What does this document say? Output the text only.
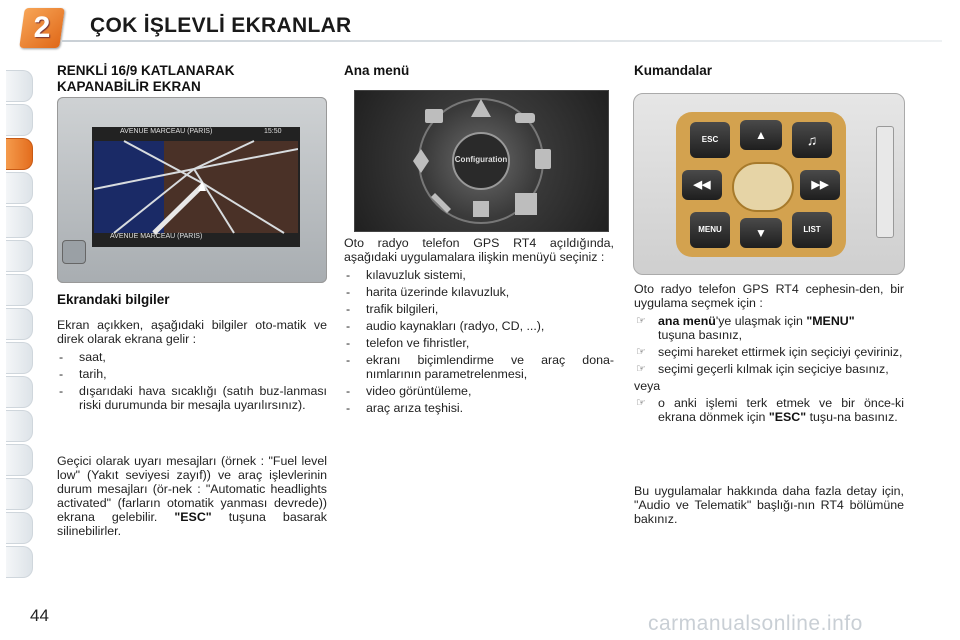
2	ÇOK İŞLEVLİ EKRANLAR
RENKLİ 16/9 KATLANARAK
KAPANABİLİR EKRAN
AVENUE MARCEAU (PARIS)	15:50
AVENUE MARCEAU (PARIS)
Ekrandaki bilgiler
Ekran açıkken, aşağıdaki bilgiler oto-matik ve direk olarak ekrana gelir :
- saat,
- tarih,
- dışarıdaki hava sıcaklığı (satıh buz-lanması riski durumunda bir mesajla uyarılırsınız).
Geçici olarak uyarı mesajları (örnek : "Fuel level low" (Yakıt seviyesi zayıf)) ve araç işlevlerinin durum mesajları (ör-nek : "Automatic headlights activated" (farların otomatik yanması devrede)) ekrana gelebilir. "ESC" tuşuna basarak silinebilirler.
Ana menü
Configuration
Oto radyo telefon GPS RT4 açıldığında, aşağıdaki uygulamalara ilişkin menüyü seçiniz :
- kılavuzluk sistemi,
- harita üzerinde kılavuzluk,
- trafik bilgileri,
- audio kaynakları (radyo, CD, ...),
- telefon ve fihristler,
- ekranı biçimlendirme ve araç dona-nımlarının parametrelenmesi,
- video görüntüleme,
- araç arıza teşhisi.
Kumandalar
ESC	▲	♫
◀◀	▶▶
MENU	▼	LIST
Oto radyo telefon GPS RT4 cephesin-den, bir uygulama seçmek için :
☞ ana menü'ye ulaşmak için "MENU"
tuşuna basınız,
☞ seçimi hareket ettirmek için seçiciyi çeviriniz,
☞ seçimi geçerli kılmak için seçiciye basınız,
veya
☞ o anki işlemi terk etmek ve bir önce-ki ekrana dönmek için "ESC" tuşu-na basınız.
Bu uygulamalar hakkında daha fazla detay için, "Audio ve Telematik" başlığı-nın RT4 bölümüne bakınız.
44	carmanualsonline.info
